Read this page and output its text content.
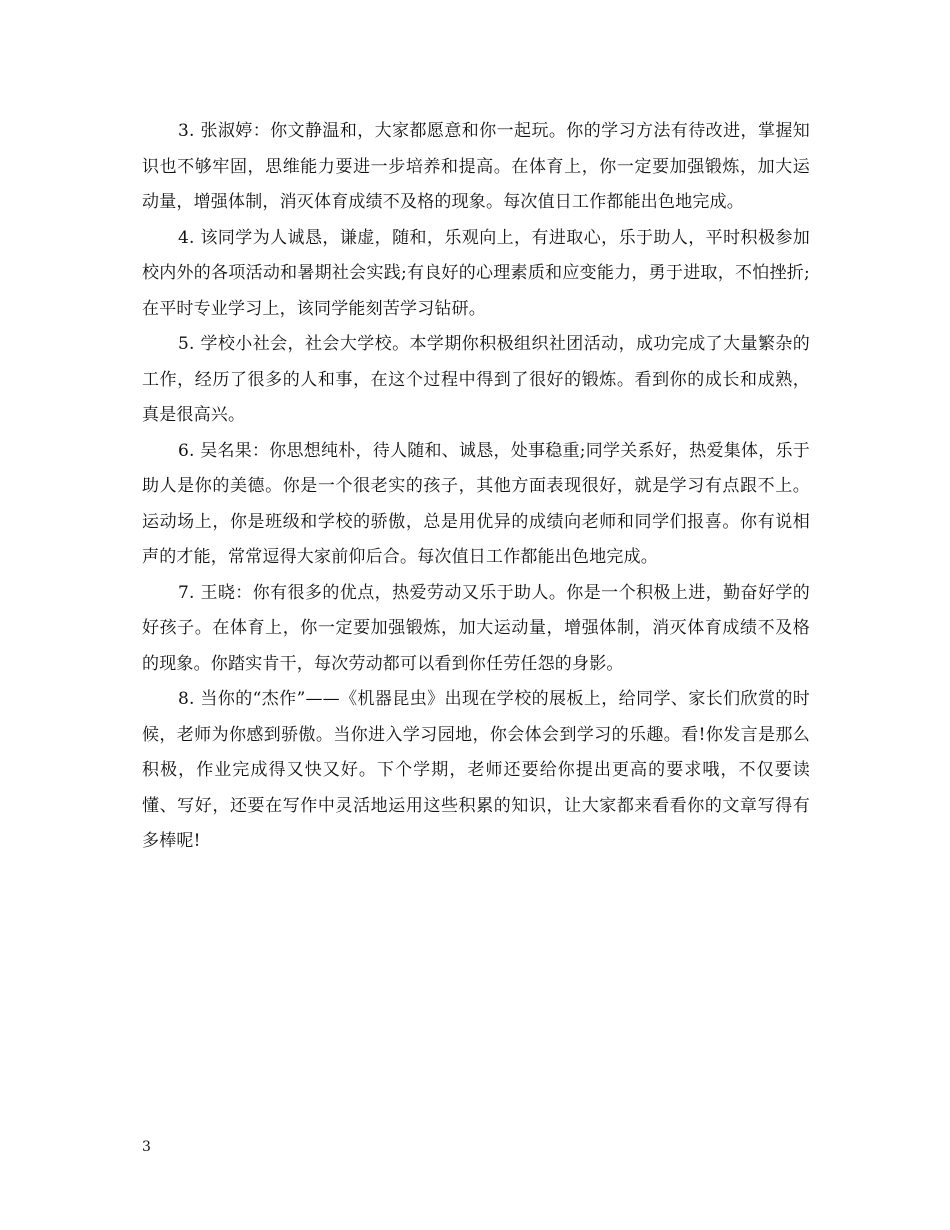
3. 张淑婷：你文静温和，大家都愿意和你一起玩。你的学习方法有待改进，掌握知识也不够牢固，思维能力要进一步培养和提高。在体育上，你一定要加强锻炼，加大运动量，增强体制，消灭体育成绩不及格的现象。每次值日工作都能出色地完成。

4. 该同学为人诚恳，谦虚，随和，乐观向上，有进取心，乐于助人，平时积极参加校内外的各项活动和暑期社会实践;有良好的心理素质和应变能力，勇于进取，不怕挫折;在平时专业学习上，该同学能刻苦学习钻研。

5. 学校小社会，社会大学校。本学期你积极组织社团活动，成功完成了大量繁杂的工作，经历了很多的人和事，在这个过程中得到了很好的锻炼。看到你的成长和成熟，真是很高兴。

6. 吴名果：你思想纯朴，待人随和、诚恳，处事稳重;同学关系好，热爱集体，乐于助人是你的美德。你是一个很老实的孩子，其他方面表现很好，就是学习有点跟不上。运动场上，你是班级和学校的骄傲，总是用优异的成绩向老师和同学们报喜。你有说相声的才能，常常逗得大家前仰后合。每次值日工作都能出色地完成。

7. 王晓：你有很多的优点，热爱劳动又乐于助人。你是一个积极上进，勤奋好学的好孩子。在体育上，你一定要加强锻炼，加大运动量，增强体制，消灭体育成绩不及格的现象。你踏实肯干，每次劳动都可以看到你任劳任怨的身影。

8. 当你的“杰作”——《机器昆虫》出现在学校的展板上，给同学、家长们欣赏的时候，老师为你感到骄傲。当你进入学习园地，你会体会到学习的乐趣。看!你发言是那么积极，作业完成得又快又好。下个学期，老师还要给你提出更高的要求哦，不仅要读懂、写好，还要在写作中灵活地运用这些积累的知识，让大家都来看看你的文章写得有多棒呢!

3
